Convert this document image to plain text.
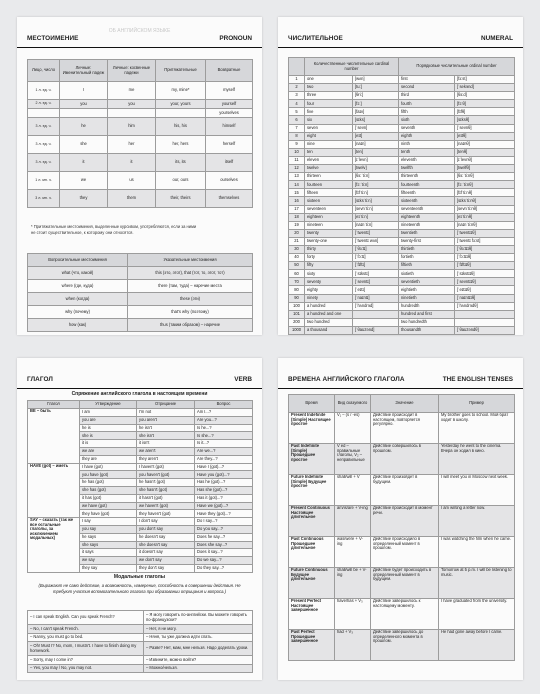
ОБ АНГЛИЙСКОМ ЯЗЫКЕ
МЕСТОИМЕНИЕ	PRONOUN
Лицо, число	Личные: Именительный падеж	Личные: косвенные падежи	Притяжательные	Возвратные
1 л. ед. ч.	I	me	my, mine*	myself
2 л. ед. ч.	you	you	your, yours	yourself
				yourselves
3 л. ед. ч.	he	him	his, his	himself
3 л. ед. ч.	she	her	her, hers	herself
3 л. ед. ч.	it	it	its, its	itself
1 л. мн. ч.	we	us	our, ours	ourselves
3 л. мн. ч.	they	them	their, theirs	themselves
* Притяжательные местоимения, выделенные курсивом, употребляются, если за ними
не стоит существительное, к которому они относятся.
Вопросительные местоимения	Указательные местоимения
what (что, какой)	this (это, этот), that (тот, то, этот, тот)
where (где, куда)	there (там, туда) – наречие места
when (когда)	these (эти)
why (почему)	that's why (поэтому)
how (как)	thus (таким образом) – наречие
ЧИСЛИТЕЛЬНОЕ	NUMERAL
	Количественные числительные cardinal number		Порядковые числительные ordinal number	
1	one	[wʌn]	first	[fɜ:st]
2	two	[tu:]	second	[ˈsekənd]
3	three	[θri:]	third	[θɜ:d]
4	four	[fɔ:]	fourth	[fɔ:θ]
5	five	[faɪv]	fifth	[fɪfθ]
6	six	[sɪks]	sixth	[sɪksθ]
7	seven	[ˈsevn]	seventh	[ˈsevnθ]
8	eight	[eɪt]	eighth	[eɪtθ]
9	nine	[naɪn]	ninth	[naɪnθ]
10	ten	[ten]	tenth	[tenθ]
11	eleven	[ɪˈlevn]	eleventh	[ɪˈlevnθ]
12	twelve	[twelv]	twelfth	[twelfθ]
13	thirteen	[θɜ:ˈti:n]	thirteenth	[θɜ:ˈti:nθ]
14	fourteen	[fɔ:ˈti:n]	fourteenth	[fɔ:ˈti:nθ]
15	fifteen	[fɪfˈti:n]	fifteenth	[fɪfˈti:nθ]
16	sixteen	[sɪksˈti:n]	sixteenth	[sɪksˈti:nθ]
17	seventeen	[sevnˈti:n]	seventeenth	[sevnˈti:nθ]
18	eighteen	[eɪˈti:n]	eighteenth	[eɪˈti:nθ]
19	nineteen	[naɪnˈti:n]	nineteenth	[naɪnˈti:nθ]
20	twenty	[ˈtwentɪ]	twentieth	[ˈtwentɪɪθ]
21	twenty-one	[ˈtwentɪ wʌn]	twenty-first	[ˈtwentɪ fɜ:st]
30	thirty	[ˈθɜ:tɪ]	thirtieth	[ˈθɜ:tɪɪθ]
40	forty	[ˈfɔ:tɪ]	fortieth	[ˈfɔ:tɪɪθ]
50	fifty	[ˈfɪftɪ]	fiftieth	[ˈfɪftɪɪθ]
60	sixty	[ˈsɪkstɪ]	sixtieth	[ˈsɪkstɪɪθ]
70	seventy	[ˈsevntɪ]	seventieth	[ˈsevntɪɪθ]
80	eighty	[ˈeɪtɪ]	eightieth	[ˈeɪtɪɪθ]
90	ninety	[ˈnaɪntɪ]	ninetieth	[ˈnaɪntɪɪθ]
100	a hundred	[ˈhʌndrəd]	hundredth	[ˈhʌndrədθ]
101	a hundred and one		hundred and first	
200	two hundred		two hundredth	
1000	a thousand	[ˈθaʊzənd]	thousandth	[ˈθaʊzəndθ]
ГЛАГОЛ	VERB
Спряжение английского глагола в настоящем времени
Глагол	Утверждение	Отрицание	Вопрос
BE – быть	I am	I'm not	Am I...?
	you are	you aren't	Are you...?
	he is	he isn't	Is he...?
	she is	she isn't	Is she...?
	it is	it isn't	Is it...?
	we are	we aren't	Are we...?
	they are	they aren't	Are they...?
HAVE (got) – иметь	I have (got)	I haven't (got)	Have I (got)...?
	you have (got)	you haven't (got)	Have you (got)...?
	he has (got)	he hasn't (got)	Has he (got)...?
	she has (got)	she hasn't (got)	Has she (got)...?
	it has (got)	it hasn't (got)	Has it (got)...?
	we have (got)	we haven't (got)	Have we (got)...?
	they have (got)	they haven't (got)	Have they (got)...?
SAY – сказать (так же все остальные глаголы, за исключением модальных)	I say	I don't say	Do I say...?
	you say	you don't say	Do you say...?
	he says	he doesn't say	Does he say...?
	she says	she doesn't say	Does she say...?
	it says	it doesn't say	Does it say...?
	we say	we don't say	Do we say...?
	they say	they don't say	Do they say...?
Модальные глаголы
(Выражают не само действие, а возможность, намерение, способность в совершении действия. Не требуют участия вспомогательного глагола при образовании отрицания и вопроса.)
– I can speak English. Can you speak French?	– Я могу говорить по-английски. Вы можете говорить по-французски?
– No, I can't speak French.	– Нет, я не могу.
– Nanny, you must go to bed.	– Няня, ты уже должна идти спать.
– Oh! Must I? No, mom, I mustn't. I have to finish doing my homework.	– Разве? Нет, мам, мне нельзя. Надо доделать уроки.
– Sorry, may I come in?	– Извините, можно войти?
– Yes, you may / No, you may not.	– Можно/нельзя.
ВРЕМЕНА АНГЛИЙСКОГО ГЛАГОЛА	THE ENGLISH TENSES
Время	Вид сказуемого	Значение	Пример
Present Indefinite (Simple) Настоящее простое	V₁ – (s / -es)	Действие происходит в настоящем, повторяется регулярно.	My brother goes to school. Мой брат ходит в школу.
Past Indefinite (Simple) Прошедшее простое	V ed – правильные глаголы, V₂ – неправильные	Действие совершилось в прошлом.	Yesterday he went to the cinema. Вчера он ходил в кино.
Future Indefinite (Simple) Будущее простое	shall/will + V	Действие произойдет в будущем.	I will meet you in Moscow next week.
Present Continuous Настоящее длительное	am/is/are + V-ing	Действие происходит в момент речи.	I am writing a letter now.
Past Continuous Прошедшее длительное	was/were + V-ing	Действие происходило в определенный момент в прошлом.	I was watching the film when he came.
Future Continuous Будущее длительное	shall/will be + V-ing	Действие будет происходить в определенный момент в будущем.	Tomorrow at 5 p.m. I will be listening to music.
Present Perfect Настоящее завершенное	have/has + V₃	Действие завершилось к настоящему моменту.	I have graduated from the university.
Past Perfect Прошедшее завершенное	had + V₃	Действие завершилось до определенного момента в прошлом.	He had gone away before I came.
